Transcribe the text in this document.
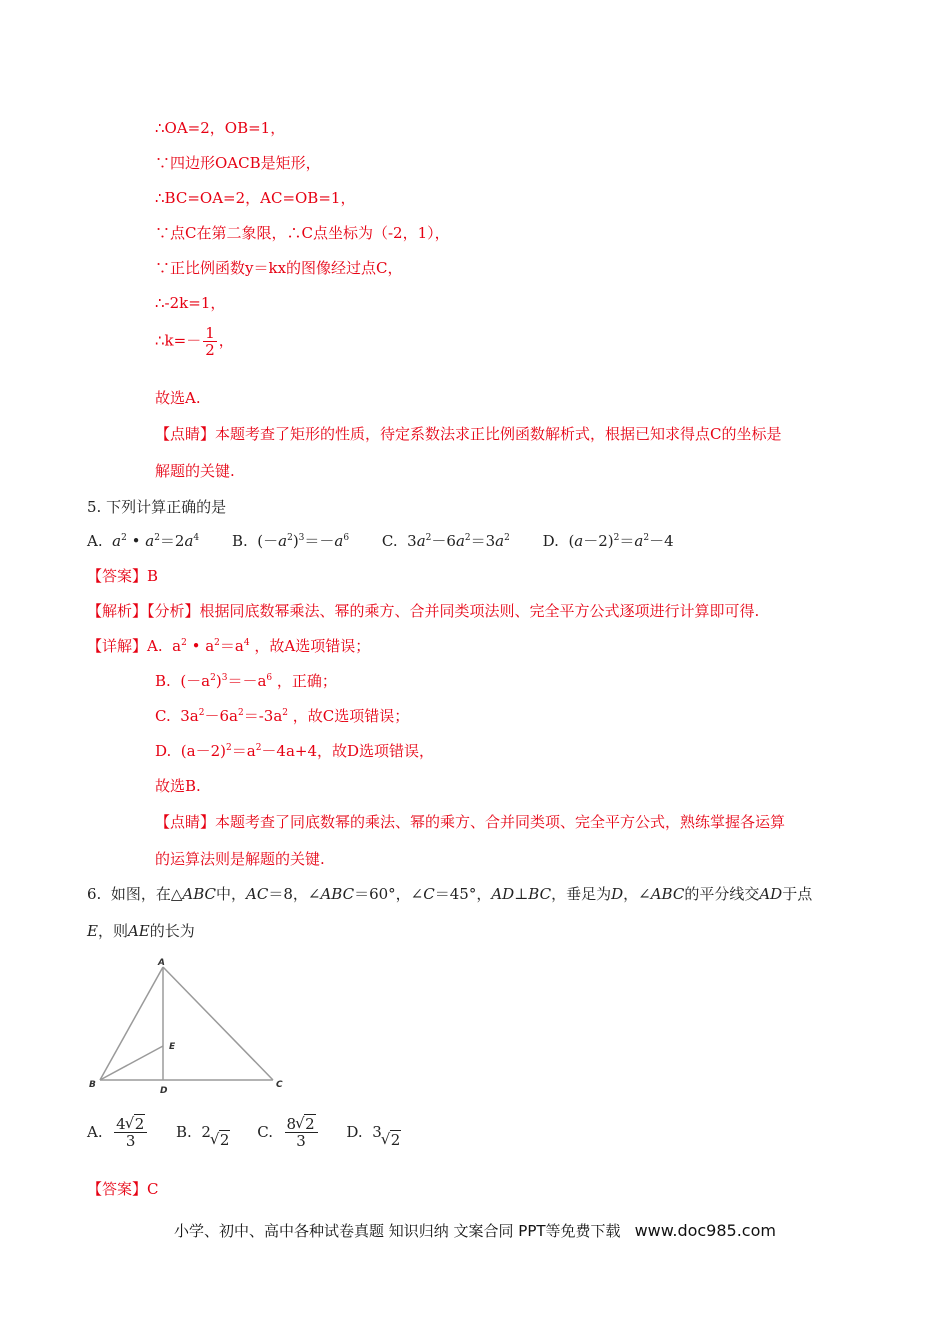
∴OA=2，OB=1，
∵四边形OACB是矩形，
∴BC=OA=2，AC=OB=1，
∵点C在第二象限，∴C点坐标为（-2，1），
∵正比例函数y＝kx的图像经过点C，
∴-2k=1，
∴k=－ $\frac{1}{2}$ ，
故选A.
【点睛】本题考查了矩形的性质，待定系数法求正比例函数解析式，根据已知求得点C的坐标是
解题的关键.
5. 下列计算正确的是
A. $a^2$ • $a^2=2a^4$ B.  $(-a^2)^3=-a^6$ C.  $3a^2-6a^2=3a^2$ D.  $(a-2)^2=a^2-4$
【答案】B
【解析】【分析】根据同底数幂乘法、幂的乘方、合并同类项法则、完全平方公式逐项进行计算即可得.
【详解】A.  $a^2$ • $a^2=a^4$ ，故A选项错误；
B.  $(-a^2)^3=-a^6$ ，正确；
C.  $3a^2-6a^2=-3a^2$ ，故C选项错误；
D.  $(a-2)^2=a^2-4a+4$，故D选项错误，
故选B.
【点睛】本题考查了同底数幂的乘法、幂的乘方、合并同类项、完全平方公式，熟练掌握各运算
的运算法则是解题的关键.
6.  如图，在△ABC中，AC＝8，∠ABC＝60°，∠C＝45°，AD⊥BC，垂足为D，∠ABC的平分线交AD于点
E，则AE的长为
A
B	C
D
E
A. $\frac{4 √ 2}{3} B$. 2 √ 2 C. $\frac{8 √ 2}{3} D$. 3 √ 2
【答案】C
小学、初中、高中各种试卷真题 知识归纳 文案合同 PPT等免费下载 www.doc985.com
